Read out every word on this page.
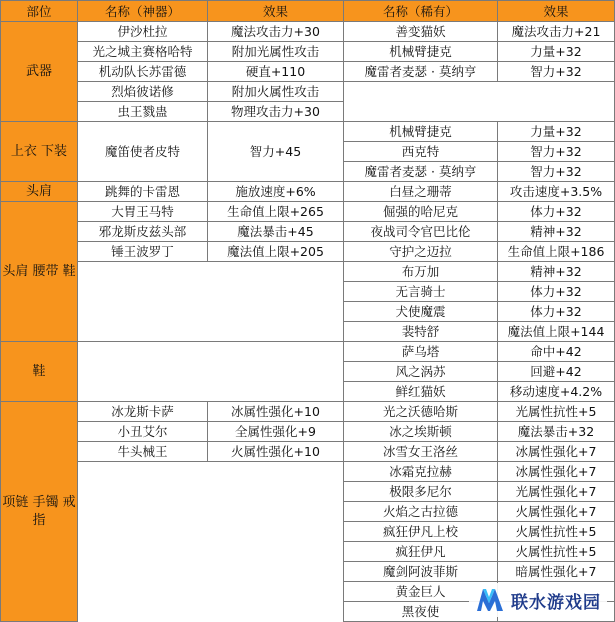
部位	名称（神器）	效果	名称（稀有）	效果
武器	伊沙杜拉	魔法攻击力+30	善变猫妖	魔法攻击力+21
	光之城主赛格哈特	附加光属性攻击	机械臂捷克	力量+32
	机动队长苏雷德	硬直+110	魔雷者麦瑟 · 莫纳亨	智力+32
	烈焰彼诺修	附加火属性攻击		
	虫王戮蛊	物理攻击力+30		
上衣 下装	魔笛使者皮特	智力+45	机械臂捷克	力量+32
			西克特	智力+32
			魔雷者麦瑟 · 莫纳亨	智力+32
头肩	跳舞的卡雷恩	施放速度+6%	白昼之珊蒂	攻击速度+3.5%
头肩 腰带 鞋	大胃王马特	生命值上限+265	倔强的哈尼克	体力+32
	邪龙斯皮兹头部	魔法暴击+45	夜战司令官巴比伦	精神+32
	锤王波罗丁	魔法值上限+205	守护之迈拉	生命值上限+186
			布万加	精神+32
			无言骑士	体力+32
			犬使魔震	体力+32
			裴特舒	魔法值上限+144
鞋			萨乌塔	命中+42
			风之涡苏	回避+42
			鲜红猫妖	移动速度+4.2%
项链 手镯 戒指	冰龙斯卡萨	冰属性强化+10	光之沃德哈斯	光属性抗性+5
	小丑艾尔	全属性强化+9	冰之埃斯顿	魔法暴击+32
	牛头械王	火属性强化+10	冰雪女王洛丝	冰属性强化+7
			冰霜克拉赫	冰属性强化+7
			极限多尼尔	光属性强化+7
			火焰之古拉德	火属性强化+7
			疯狂伊凡上校	火属性抗性+5
			疯狂伊凡	火属性抗性+5
			魔剑阿波菲斯	暗属性强化+7
			黄金巨人	
			黑夜使		联水游戏园
